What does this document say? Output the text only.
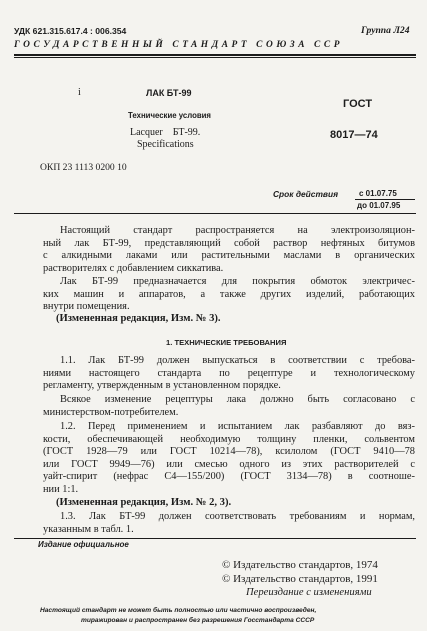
УДК 621.315.617.4 : 006.354	Группа Л24
ГОСУДАРСТВЕННЫЙ СТАНДАРТ СОЮЗА ССР
і	ЛАК БТ-99
Технические условия
Lacquer    БТ-99.
Specifications
ГОСТ
8017—74
ОКП 23 1113 0200 10
Срок действия	с 01.07.75
до 01.07.95
Настоящий стандарт распространяется на электроизоляцион-
ный лак БТ-99, представляющий собой раствор нефтяных битумов
с алкидными лаками или растительными маслами в органических
растворителях с добавлением сиккатива.
Лак БТ-99 предназначается для покрытия обмоток электричес-
ких машин и аппаратов, а также других изделий, работающих
внутри помещения.
(Измененная редакция, Изм. № 3).
1. ТЕХНИЧЕСКИЕ ТРЕБОВАНИЯ
1.1. Лак БТ-99 должен выпускаться в соответствии с требова-
ниями настоящего стандарта по рецептуре и технологическому
регламенту, утвержденным в установленном порядке.
Всякое изменение рецептуры лака должно быть согласовано с
министерством-потребителем.
1.2. Перед применением и испытанием лак разбавляют до вяз-
кости, обеспечивающей необходимую толщину пленки, сольвентом
(ГОСТ 1928—79 или ГОСТ 10214—78), ксилолом (ГОСТ 9410—78
или ГОСТ 9949—76) или смесью одного из этих растворителей с
уайт-спирит (нефрас С4—155/200) (ГОСТ 3134—78) в соотноше-
нии 1:1.
(Измененная редакция, Изм. № 2, 3).
1.3. Лак БТ-99 должен соответствовать требованиям и нормам,
указанным в табл. 1.
Издание официальное
© Издательство стандартов, 1974
© Издательство стандартов, 1991
Переиздание с изменениями
Настоящий стандарт не может быть полностью или частично воспроизведен,
тиражирован и распространен без разрешения Госстандарта СССР
